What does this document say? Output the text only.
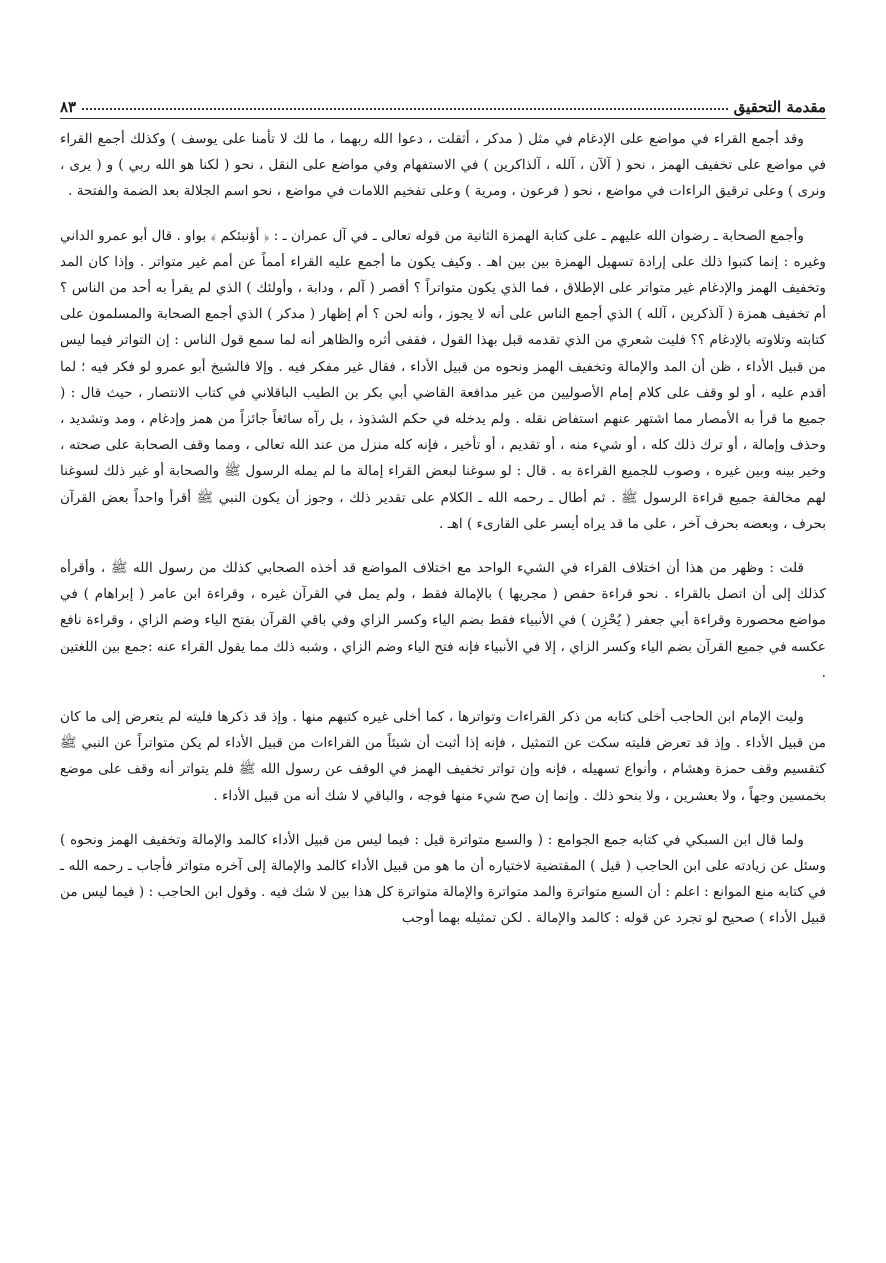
مقدمة التحقيق
٨٣

وقد أجمع القراء في مواضع على الإدغام في مثل ( مدكر ، أثقلت ، دعوا الله ربهما ، ما لك لا تأمنا على يوسف ) وكذلك أجمع القراء في مواضع على تخفيف الهمز ، نحو ( آلآن ، آلله ، آلذاكرين ) في الاستفهام وفي مواضع على النقل ، نحو ( لكنا هو الله ربي ) و ( يرى ، ونرى ) وعلى ترقيق الراءات في مواضع ، نحو ( فرعون ، ومرية ) وعلى تفخيم اللامات في مواضع ، نحو اسم الجلالة بعد الضمة والفتحة .

وأجمع الصحابة ـ رضوان الله عليهم ـ على كتابة الهمزة الثانية من قوله تعالى ـ في آل عمران ـ : ﴿ أؤنبئكم ﴾ بواو . قال أبو عمرو الداني وغيره : إنما كتبوا ذلك على إرادة تسهيل الهمزة بين بين اهـ . وكيف يكون ما أجمع عليه القراء أمماً عن أمم غير متواتر . وإذا كان المد وتخفيف الهمز والإدغام غير متواتر على الإطلاق ، فما الذي يكون متواتراً ؟ أقصر ( آلم ، ودابة ، وأولئك ) الذي لم يقرأ به أحد من الناس ؟ أم تخفيف همزة ( آلذكرين ، آلله ) الذي أجمع الناس على أنه لا يجوز ، وأنه لحن ؟ أم إظهار ( مدكر ) الذي أجمع الصحابة والمسلمون على كتابته وتلاوته بالإدغام ؟؟ فليت شعري من الذي تقدمه قبل بهذا القول ، فقفى أثره والظاهر أنه لما سمع قول الناس : إن التواتر فيما ليس من قبيل الأداء ، ظن أن المد والإمالة وتخفيف الهمز ونحوه من قبيل الأداء ، فقال غير مفكر فيه . وإلا فالشيخ أبو عمرو لو فكر فيه ؛ لما أقدم عليه ، أو لو وقف على كلام إمام الأصوليين من غير مدافعة القاضي أبي بكر بن الطيب الباقلاني في كتاب الانتصار ، حيث قال : ( جميع ما قرأ به الأمصار مما اشتهر عنهم استفاض نقله . ولم يدخله في حكم الشذوذ ، بل رآه سائغاً جائزاً من همز وإدغام ، ومد وتشديد ، وحذف وإمالة ، أو ترك ذلك كله ، أو شيء منه ، أو تقديم ، أو تأخير ، فإنه كله منزل من عند الله تعالى ، ومما وقف الصحابة على صحته ، وخير بينه وبين غيره ، وصوب للجميع القراءة به . قال : لو سوغنا لبعض القراء إمالة ما لم يمله الرسول ﷺ والصحابة أو غير ذلك لسوغنا لهم مخالفة جميع قراءة الرسول ﷺ . ثم أطال ـ رحمه الله ـ الكلام على تقدير ذلك ، وجوز أن يكون النبي ﷺ أقرأ واحداً بعض القرآن بحرف ، وبعضه بحرف آخر ، على ما قد يراه أيسر على القارىء ) اهـ .

قلت : وظهر من هذا أن اختلاف القراء في الشيء الواحد مع اختلاف المواضع قد أخذه الصحابي كذلك من رسول الله ﷺ ، وأقرأه كذلك إلى أن اتصل بالقراء . نحو قراءة حفص ( مجريها ) بالإمالة فقط ، ولم يمل في القرآن غيره ، وقراءة ابن عامر ( إبراهام ) في مواضع محصورة وقراءة أبي جعفر ( يُحْزِن ) في الأنبياء فقط بضم الياء وكسر الزاي وفي باقي القرآن بفتح الياء وضم الزاي ، وقراءة نافع عكسه في جميع القرآن بضم الياء وكسر الزاي ، إلا في الأنبياء فإنه فتح الياء وضم الزاي ، وشبه ذلك مما يقول القراء عنه :جمع بين اللغتين .

وليت الإمام ابن الحاجب أخلى كتابه من ذكر القراءات وتواترها ، كما أخلى غيره كتبهم منها . وإذ قد ذكرها فليته لم يتعرض إلى ما كان من قبيل الأداء . وإذ قد تعرض فليته سكت عن التمثيل ، فإنه إذا أثبت أن شيئاً من القراءات من قبيل الأداء لم يكن متواتراً عن النبي ﷺ كتقسيم وقف حمزة وهشام ، وأنواع تسهيله ، فإنه وإن تواتر تخفيف الهمز في الوقف عن رسول الله ﷺ فلم يتواتر أنه وقف على موضع بخمسين وجهاً ، ولا بعشرين ، ولا بنحو ذلك . وإنما إن صح شيء منها فوجه ، والباقي لا شك أنه من قبيل الأداء .

ولما قال ابن السبكي في كتابه جمع الجوامع : ( والسبع متواترة قيل : فيما ليس من قبيل الأداء كالمد والإمالة وتخفيف الهمز ونحوه ) وسئل عن زيادته على ابن الحاجب ( قيل ) المقتضية لاختياره أن ما هو من قبيل الأداء كالمد والإمالة إلى آخره متواتر فأجاب ـ رحمه الله ـ في كتابه منع الموانع : اعلم : أن السبع متواترة والمد متواترة والإمالة متواترة كل هذا بين لا شك فيه . وقول ابن الحاجب : ( فيما ليس من قبيل الأداء ) صحيح لو تجرد عن قوله : كالمد والإمالة . لكن تمثيله بهما أوجب
